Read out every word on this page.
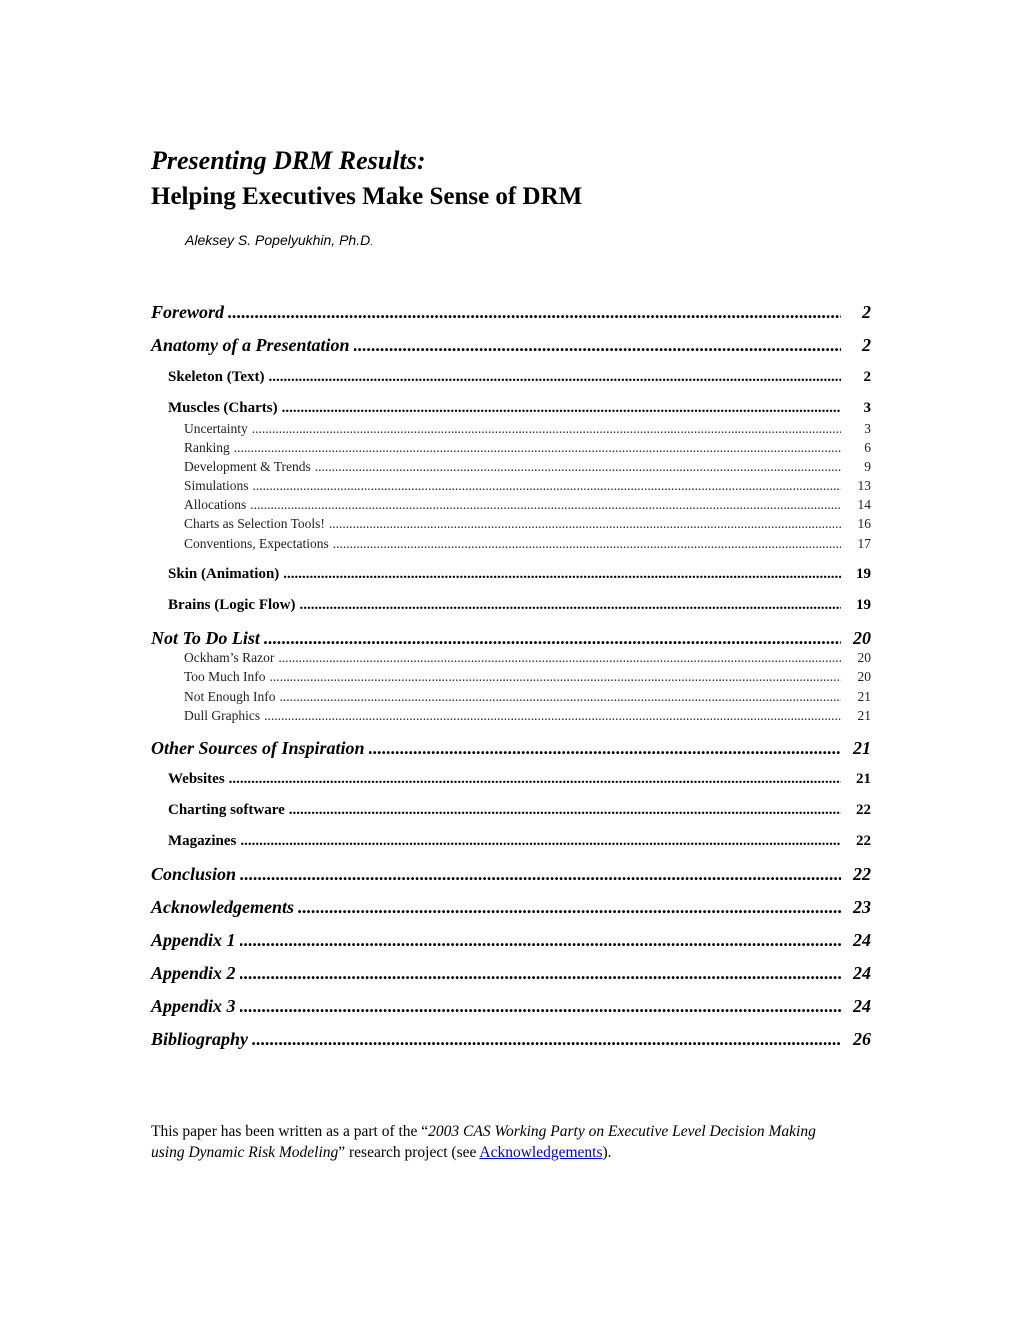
Presenting DRM Results:
Helping Executives Make Sense of DRM
Aleksey S. Popelyukhin, Ph.D.
Foreword .....	2
Anatomy of a Presentation .....	2
Skeleton (Text) .....	2
Muscles (Charts) .....	3
Uncertainty .....	3
Ranking .....	6
Development & Trends .....	9
Simulations .....	13
Allocations .....	14
Charts as Selection Tools! .....	16
Conventions, Expectations .....	17
Skin (Animation) .....	19
Brains (Logic Flow) .....	19
Not To Do List .....	20
Ockham’s Razor .....	20
Too Much Info .....	20
Not Enough Info .....	21
Dull Graphics .....	21
Other Sources of Inspiration .....	21
Websites .....	21
Charting software .....	22
Magazines .....	22
Conclusion .....	22
Acknowledgements .....	23
Appendix 1 .....	24
Appendix 2 .....	24
Appendix 3 .....	24
Bibliography .....	26
This paper has been written as a part of the “2003 CAS Working Party on Executive Level Decision Making using Dynamic Risk Modeling” research project (see Acknowledgements).
